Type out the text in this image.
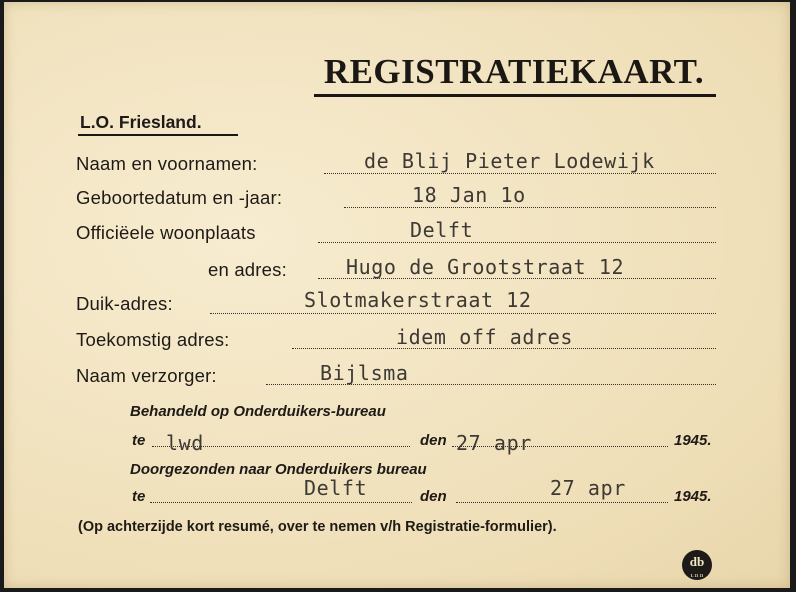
REGISTRATIEKAART.
L.O. Friesland.
Naam en voornamen:	de Blij Pieter Lodewijk
Geboortedatum en -jaar:	18 Jan 1o
Officiëele woonplaats	Delft
en adres:	Hugo de Grootstraat 12
Duik-adres:	Slotmakerstraat 12
Toekomstig adres:	idem off adres
Naam verzorger:	Bijlsma
Behandeld op Onderduikers-bureau
te lwd	den 27 apr	1945.
Doorgezonden naar Onderduikers bureau
te	Delft	den	27 apr	1945.
(Op achterzijde kort resumé, over te nemen v/h Registratie-formulier).
db
L 13 13
